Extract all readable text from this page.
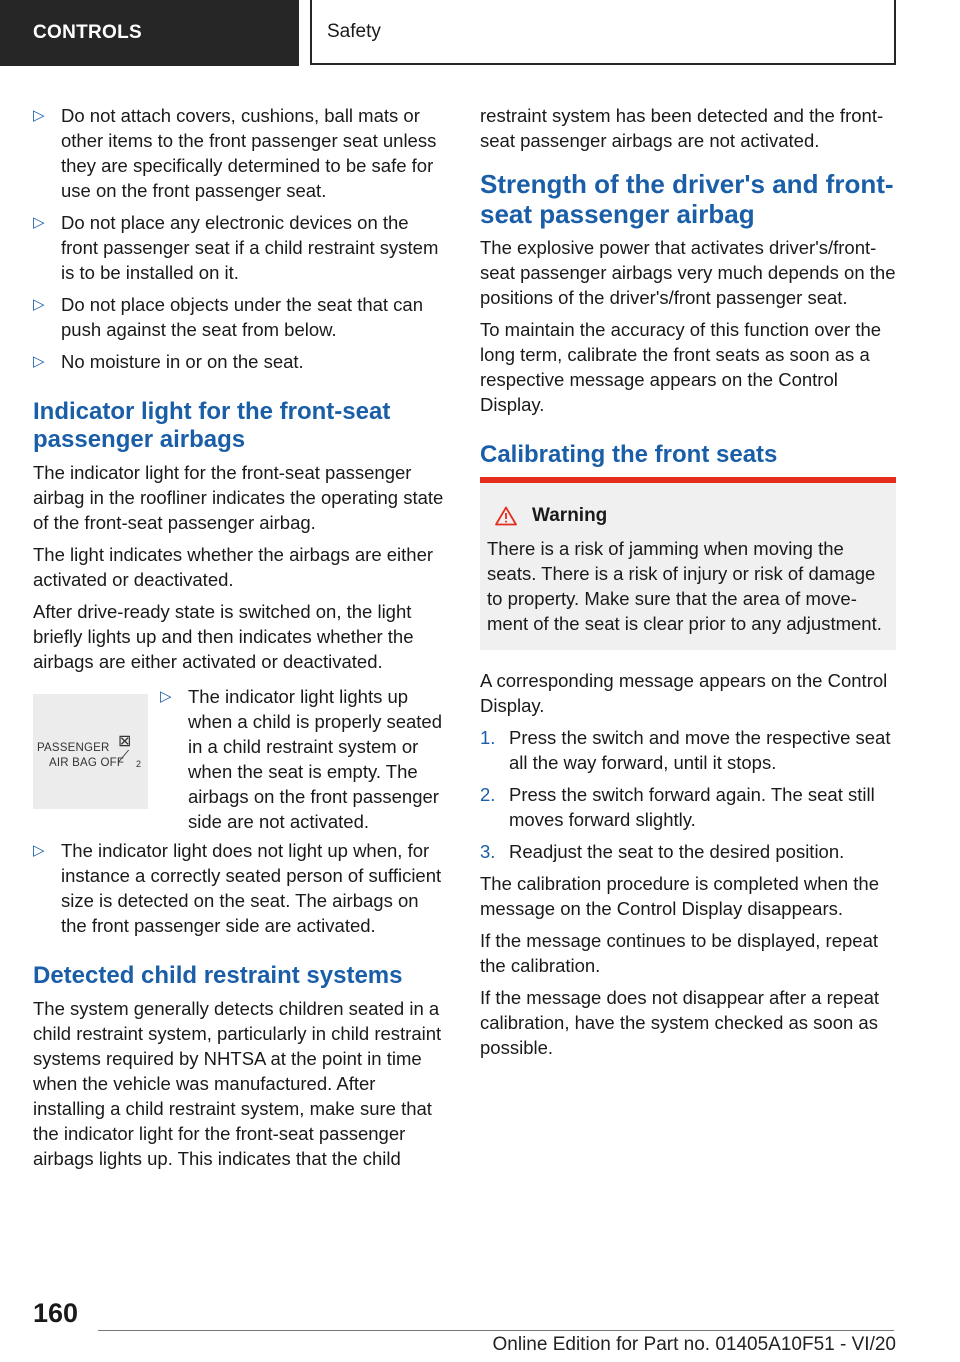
CONTROLS	Safety
▷ Do not attach covers, cushions, ball mats or other items to the front passenger seat unless they are specifically determined to be safe for use on the front passenger seat.
▷ Do not place any electronic devices on the front passenger seat if a child restraint system is to be installed on it.
▷ Do not place objects under the seat that can push against the seat from below.
▷ No moisture in or on the seat.
Indicator light for the front-seat passenger airbags

The indicator light for the front-seat passenger airbag in the roofliner indicates the operating state of the front-seat passenger airbag.

The light indicates whether the airbags are either activated or deactivated.

After drive-ready state is switched on, the light briefly lights up and then indicates whether the airbags are either activated or deactivated.

PASSENGER
AIR BAG OFF
⊠
⟋ 2
▷ The indicator light lights up when a child is properly seated in a child restraint system or when the seat is empty. The airbags on the front passenger side are not activated.
▷ The indicator light does not light up when, for instance a correctly seated person of sufficient size is detected on the seat. The airbags on the front passenger side are activated.
Detected child restraint systems

The system generally detects children seated in a child restraint system, particularly in child restraint systems required by NHTSA at the point in time when the vehicle was manufactured. After installing a child restraint system, make sure that the indicator light for the front-seat passenger airbags lights up. This indicates that the child

restraint system has been detected and the front-seat passenger airbags are not activated.

Strength of the driver's and front-seat passenger airbag

The explosive power that activates driver's/front-seat passenger airbags very much depends on the positions of the driver's/front passenger seat.

To maintain the accuracy of this function over the long term, calibrate the front seats as soon as a respective message appears on the Control Display.

Calibrating the front seats
Warning
There is a risk of jamming when moving the seats. There is a risk of injury or risk of damage to property. Make sure that the area of movement of the seat is clear prior to any adjustment.

A corresponding message appears on the Control Display.

1. Press the switch and move the respective seat all the way forward, until it stops.
2. Press the switch forward again. The seat still moves forward slightly.
3. Readjust the seat to the desired position.

The calibration procedure is completed when the message on the Control Display disappears.

If the message continues to be displayed, repeat the calibration.

If the message does not disappear after a repeat calibration, have the system checked as soon as possible.

160
Online Edition for Part no. 01405A10F51 - VI/20
